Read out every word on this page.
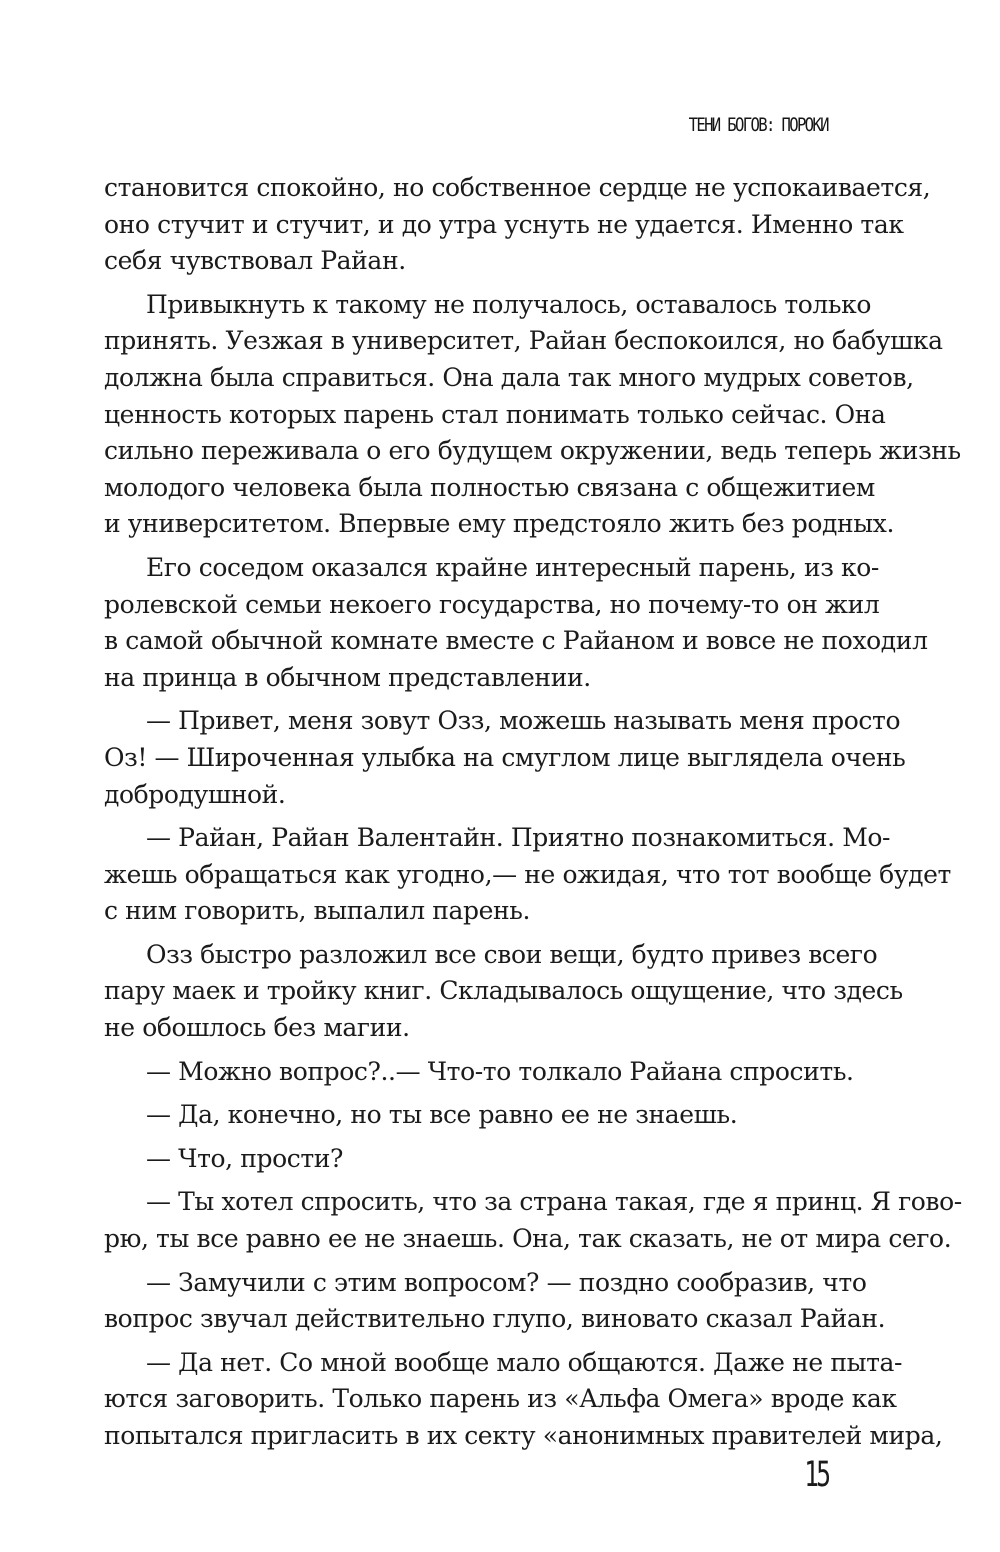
ТЕНИ БОГОВ: ПОРОКИ
становится спокойно, но собственное сердце не успокаивается,
оно стучит и стучит, и до утра уснуть не удается. Именно так
себя чувствовал Райан.
Привыкнуть к такому не получалось, оставалось только
принять. Уезжая в университет, Райан беспокоился, но бабушка
должна была справиться. Она дала так много мудрых советов,
ценность которых парень стал понимать только сейчас. Она
сильно переживала о его будущем окружении, ведь теперь жизнь
молодого человека была полностью связана с общежитием
и университетом. Впервые ему предстояло жить без родных.
Его соседом оказался крайне интересный парень, из ко-
ролевской семьи некоего государства, но почему-то он жил
в самой обычной комнате вместе с Райаном и вовсе не походил
на принца в обычном представлении.
— Привет, меня зовут Озз, можешь называть меня просто
Оз! — Широченная улыбка на смуглом лице выглядела очень
добродушной.
— Райан, Райан Валентайн. Приятно познакомиться. Мо-
жешь обращаться как угодно,— не ожидая, что тот вообще будет
с ним говорить, выпалил парень.
Озз быстро разложил все свои вещи, будто привез всего
пару маек и тройку книг. Складывалось ощущение, что здесь
не обошлось без магии.
— Можно вопрос?..— Что-то толкало Райана спросить.
— Да, конечно, но ты все равно ее не знаешь.
— Что, прости?
— Ты хотел спросить, что за страна такая, где я принц. Я гово-
рю, ты все равно ее не знаешь. Она, так сказать, не от мира сего.
— Замучили с этим вопросом? — поздно сообразив, что
вопрос звучал действительно глупо, виновато сказал Райан.
— Да нет. Со мной вообще мало общаются. Даже не пыта-
ются заговорить. Только парень из «Альфа Омега» вроде как
попытался пригласить в их секту «анонимных правителей мира,
15
